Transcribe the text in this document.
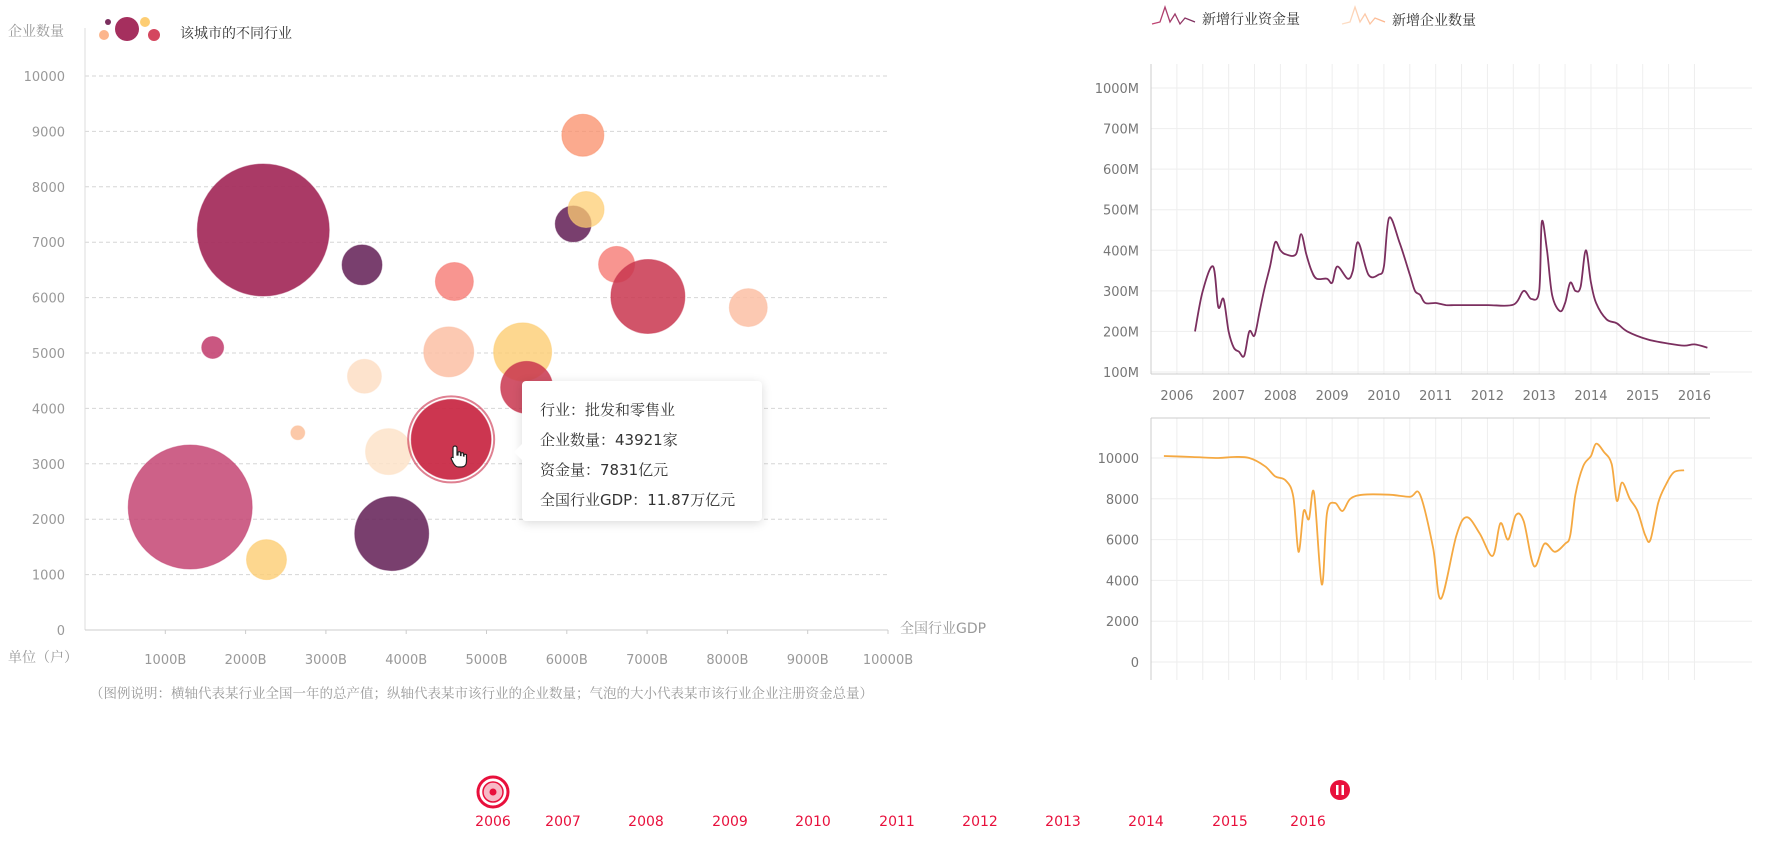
0
1000
2000
3000
4000
5000
6000
7000
8000
9000
10000
1000B	2000B	3000B	4000B	5000B	6000B	7000B	8000B	9000B	10000B
企业数量
全国行业GDP
单位（户）
（图例说明：横轴代表某行业全国一年的总产值；纵轴代表某市该行业的企业数量；气泡的大小代表某市该行业企业注册资金总量）
该城市的不同行业
1000M
700M
600M
500M
400M
300M
200M
100M
2006 2007 2008 2009 2010 2011 2012 2013 2014 2015 2016
新增行业资金量
10000
8000
6000
4000
2000
0
新增企业数量
2006 2007	2008	2009	2010	2011	2012	2013	2014	2015	2016
行业：批发和零售业
企业数量：43921家
资金量：7831亿元
全国行业GDP：11.87万亿元
